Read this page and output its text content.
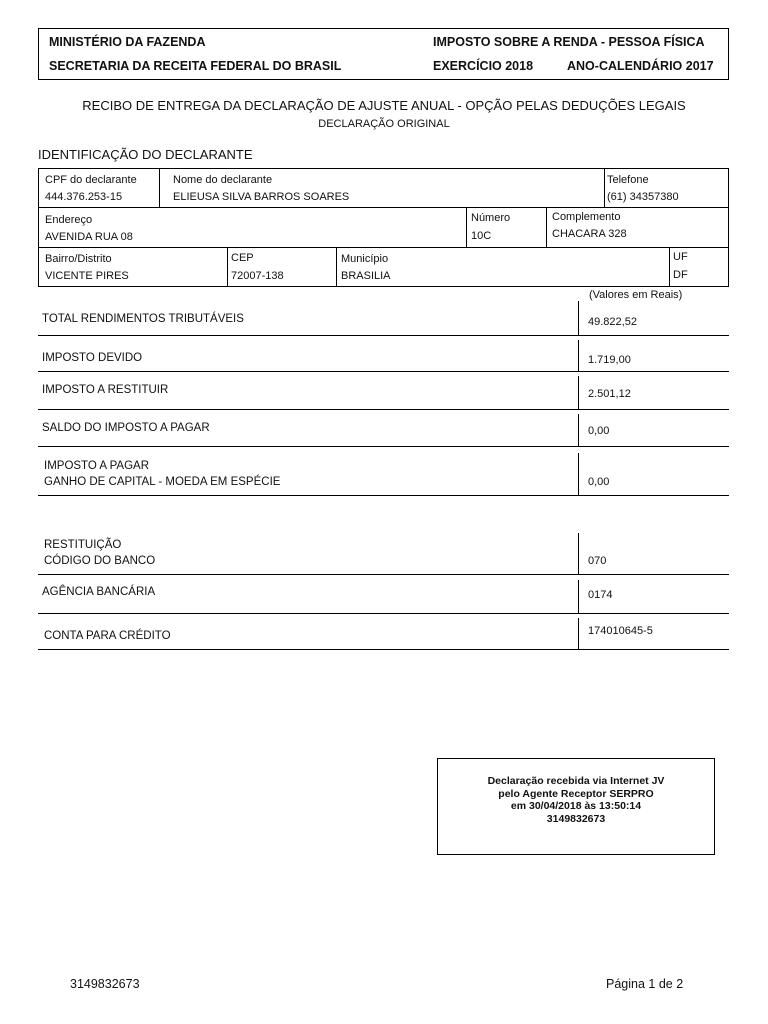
MINISTÉRIO DA FAZENDA
SECRETARIA DA RECEITA FEDERAL DO BRASIL
IMPOSTO SOBRE A RENDA - PESSOA FÍSICA
EXERCÍCIO 2018	ANO-CALENDÁRIO 2017
RECIBO DE ENTREGA DA DECLARAÇÃO DE AJUSTE ANUAL - OPÇÃO PELAS DEDUÇÕES LEGAIS
DECLARAÇÃO ORIGINAL
IDENTIFICAÇÃO DO DECLARANTE
CPF do declarante
444.376.253-15
Nome do declarante
ELIEUSA SILVA BARROS SOARES
Telefone
(61) 34357380
Endereço
AVENIDA RUA 08
Número
10C
Complemento
CHACARA 328
Bairro/Distrito
VICENTE PIRES
CEP
72007-138
Município
BRASILIA
UF
DF
(Valores em Reais)
TOTAL RENDIMENTOS TRIBUTÁVEIS	49.822,52
IMPOSTO DEVIDO	1.719,00
IMPOSTO A RESTITUIR	2.501,12
SALDO DO IMPOSTO A PAGAR	0,00
IMPOSTO A PAGAR
GANHO DE CAPITAL - MOEDA EM ESPÉCIE	0,00
RESTITUIÇÃO
CÓDIGO DO BANCO	070
AGÊNCIA BANCÁRIA	0174
CONTA PARA CRÉDITO	174010645-5
Declaração recebida via Internet JV
pelo Agente Receptor SERPRO
em 30/04/2018 às 13:50:14
3149832673
3149832673	Página 1 de 2
